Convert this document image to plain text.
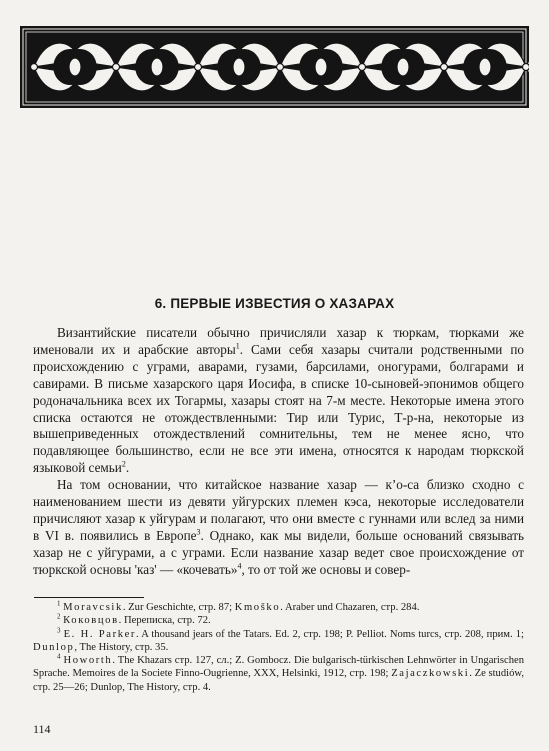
6. ПЕРВЫЕ ИЗВЕСТИЯ О ХАЗАРАХ

Византийские писатели обычно причисляли хазар к тюркам, тюрками же именовали их и арабские авторы$^1$. Сами себя хазары считали родственными по происхождению с уграми, аварами, гузами, барсилами, оногурами, болгарами и савирами. В письме хазарского царя Иосифа, в списке 10-сыновей-эпонимов общего родоначальника всех их Тогармы, хазары стоят на 7-м месте. Некоторые имена этого списка остаются не отождествленными: Тир или Турис, Т-р-на, некоторые из вышеприведенных отождествлений сомнительны, тем не менее ясно, что подавляющее большинство, если не все эти имена, относятся к народам тюркской языковой семьи$^2$.

На том основании, что китайское название хазар — к’о-са близко сходно с наименованием шести из девяти уйгурских племен кэса, некоторые исследователи причисляют хазар к уйгурам и полагают, что они вместе с гуннами или вслед за ними в VI в. появились в Европе$^3$. Однако, как мы видели, больше оснований связывать хазар не с уйгурами, а с уграми. Если название хазар ведет свое происхождение от тюркской основы 'каз' — «кочевать»$^4$, то от той же основы и совер-

$^1$ Moravcsik. Zur Geschichte, стр. 87; Kmoško. Araber und Chazaren, стр. 284.

$^2$ Коковцов. Переписка, стр. 72.

$^3$ E. H. Parker. A thousand jears of the Tatars. Ed. 2, стр. 198; P. Pelliot. Noms turcs, стр. 208, прим. 1; Dunlop, The History, стр. 35.

$^4$ Howorth. The Khazars стр. 127, сл.; Z. Gombocz. Die bulgarisch-türkischen Lehnwörter in Ungarischen Sprache. Memoires de la Societe Finno-Ougrienne, XXX, Helsinki, 1912, стр. 198; Zajaczkowski. Ze studiów, стр. 25—26; Dunlop, The History, стр. 4.

114
